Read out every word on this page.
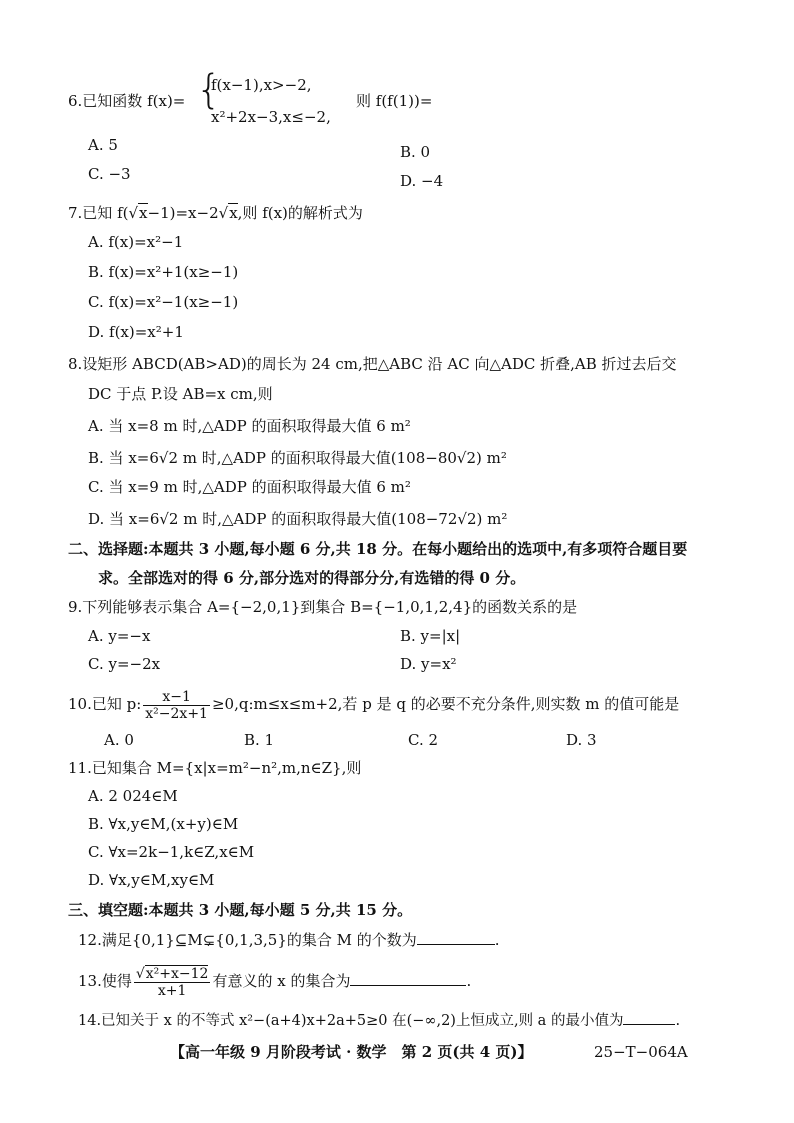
6.已知函数 f(x)= {
f(x−1),x>−2,
x²+2x−3,x≤−2,
则 f(f(1))=
A. 5	B. 0
C. −3	D. −4
7.已知 f(√x−1)=x−2√x,则 f(x)的解析式为
A. f(x)=x²−1
B. f(x)=x²+1(x≥−1)
C. f(x)=x²−1(x≥−1)
D. f(x)=x²+1
8.设矩形 ABCD(AB>AD)的周长为 24 cm,把△ABC 沿 AC 向△ADC 折叠,AB 折过去后交
DC 于点 P.设 AB=x cm,则
A. 当 x=8 m 时,△ADP 的面积取得最大值 6 m²
B. 当 x=6√2 m 时,△ADP 的面积取得最大值(108−80√2) m²
C. 当 x=9 m 时,△ADP 的面积取得最大值 6 m²
D. 当 x=6√2 m 时,△ADP 的面积取得最大值(108−72√2) m²
二、选择题:本题共 3 小题,每小题 6 分,共 18 分。在每小题给出的选项中,有多项符合题目要
求。全部选对的得 6 分,部分选对的得部分分,有选错的得 0 分。
9.下列能够表示集合 A={−2,0,1}到集合 B={−1,0,1,2,4}的函数关系的是
A. y=−x	B. y=|x|
C. y=−2x	D. y=x²
10.已知 p: $\frac{x-1}{\text{x²−2x+1}}$ ≥0,q:m≤x≤m+2,若 p 是 q 的必要不充分条件,则实数 m 的值可能是
A. 0	B. 1	C. 2	D. 3
11.已知集合 M={x|x=m²−n²,m,n∈Z},则
A. 2 024∈M
B. ∀x,y∈M,(x+y)∈M
C. ∀x=2k−1,k∈Z,x∈M
D. ∀x,y∈M,xy∈M
三、填空题:本题共 3 小题,每小题 5 分,共 15 分。
12.满足{0,1}⊆M⊊{0,1,3,5}的集合 M 的个数为	.
13.使得 $\frac{\text{√x²+x−12}}{x+1}$ 有意义的 x 的集合为	.
14.已知关于 x 的不等式 x²−(a+4)x+2a+5≥0 在(−∞,2)上恒成立,则 a 的最小值为	.
【高一年级 9 月阶段考试 · 数学　第 2 页(共 4 页)】	25−T−064A
